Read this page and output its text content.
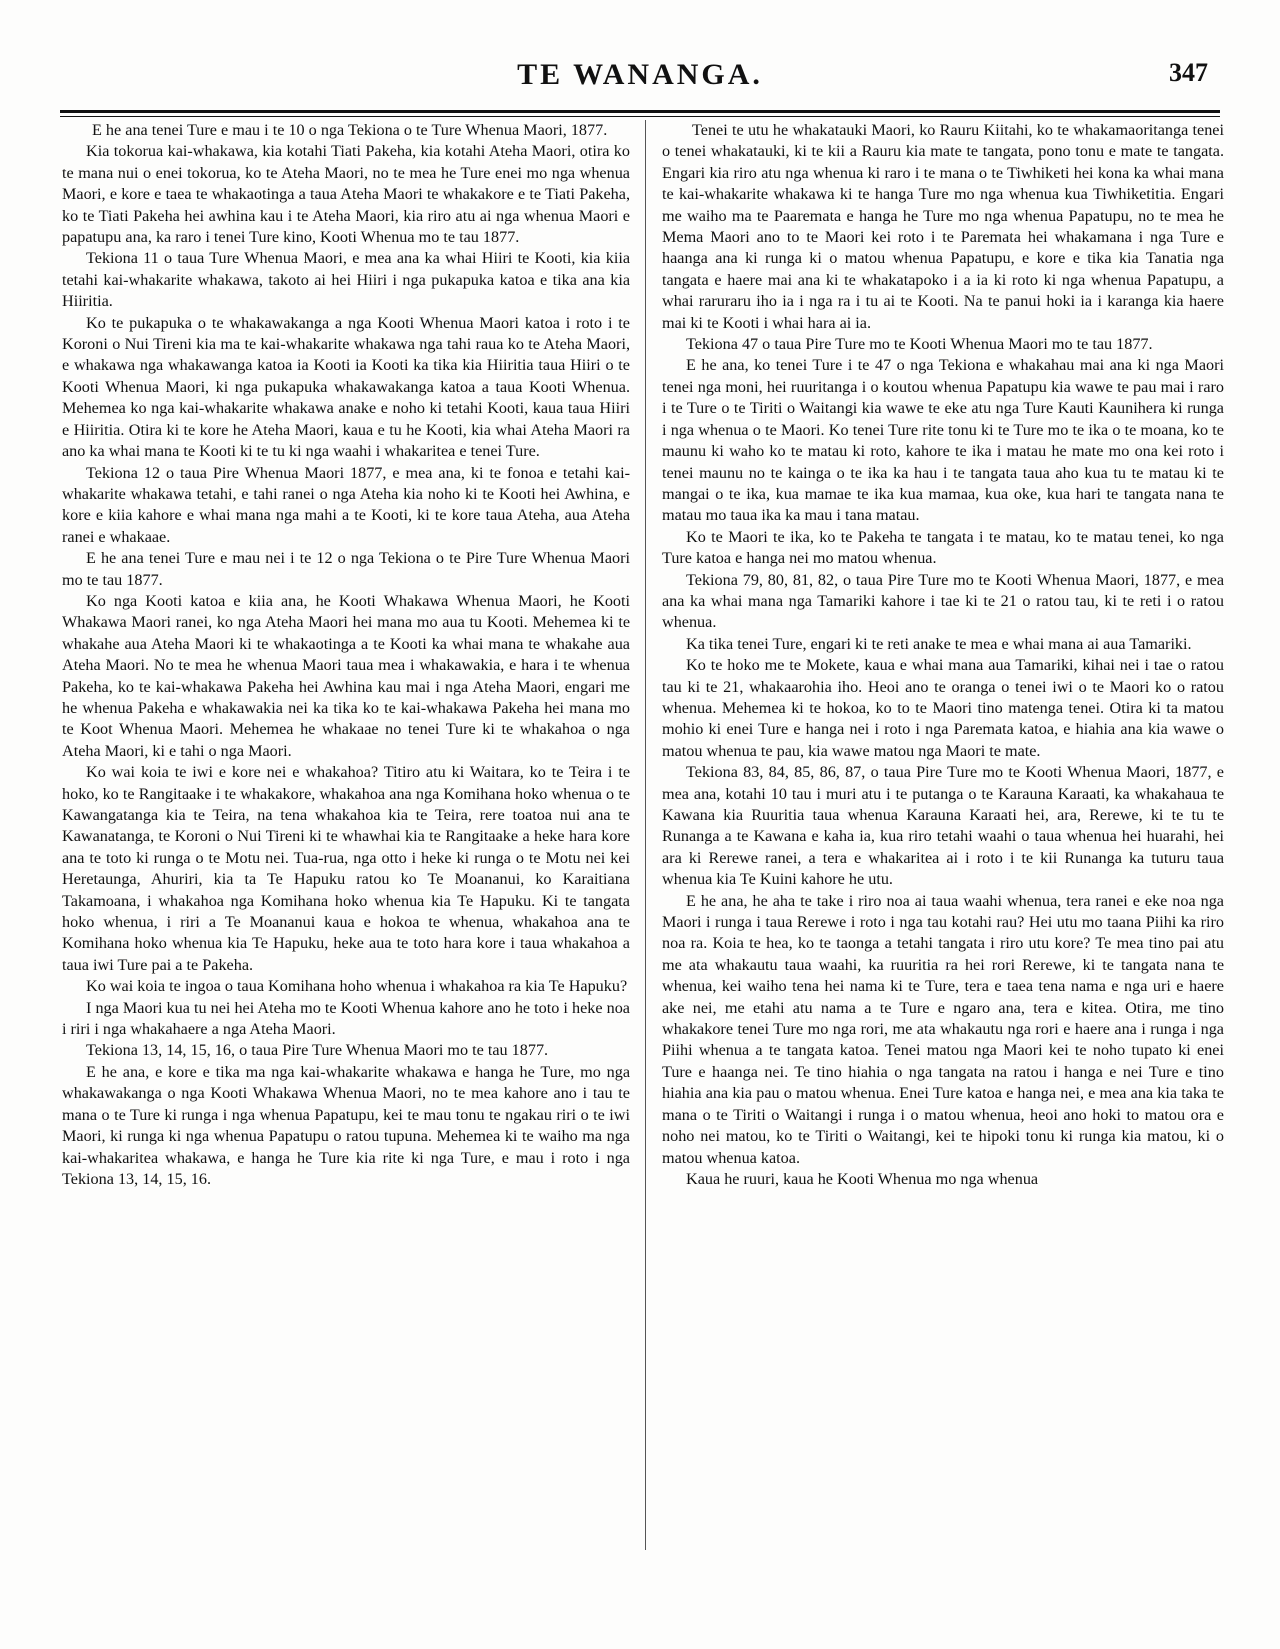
TE WANANGA.	347

E he ana tenei Ture e mau i te 10 o nga Tekiona o te Ture Whenua Maori, 1877.

Kia tokorua kai-whakawa, kia kotahi Tiati Pakeha, kia kotahi Ateha Maori, otira ko te mana nui o enei tokorua, ko te Ateha Maori, no te mea he Ture enei mo nga whenua Maori, e kore e taea te whakaotinga a taua Ateha Maori te whakakore e te Tiati Pakeha, ko te Tiati Pakeha hei awhina kau i te Ateha Maori, kia riro atu ai nga whenua Maori e papatupu ana, ka raro i tenei Ture kino, Kooti Whenua mo te tau 1877.

Tekiona 11 o taua Ture Whenua Maori, e mea ana ka whai Hiiri te Kooti, kia kiia tetahi kai-whakarite whakawa, takoto ai hei Hiiri i nga pukapuka katoa e tika ana kia Hiiritia.

Ko te pukapuka o te whakawakanga a nga Kooti Whenua Maori katoa i roto i te Koroni o Nui Tireni kia ma te kai-whakarite whakawa nga tahi raua ko te Ateha Maori, e whakawa nga whakawanga katoa ia Kooti ia Kooti ka tika kia Hiiritia taua Hiiri o te Kooti Whenua Maori, ki nga pukapuka whakawakanga katoa a taua Kooti Whenua. Mehemea ko nga kai-whakarite whakawa anake e noho ki tetahi Kooti, kaua taua Hiiri e Hiiritia. Otira ki te kore he Ateha Maori, kaua e tu he Kooti, kia whai Ateha Maori ra ano ka whai mana te Kooti ki te tu ki nga waahi i whakaritea e tenei Ture.

Tekiona 12 o taua Pire Whenua Maori 1877, e mea ana, ki te fonoa e tetahi kai-whakarite whakawa tetahi, e tahi ranei o nga Ateha kia noho ki te Kooti hei Awhina, e kore e kiia kahore e whai mana nga mahi a te Kooti, ki te kore taua Ateha, aua Ateha ranei e whakaae.

E he ana tenei Ture e mau nei i te 12 o nga Tekiona o te Pire Ture Whenua Maori mo te tau 1877.

Ko nga Kooti katoa e kiia ana, he Kooti Whakawa Whenua Maori, he Kooti Whakawa Maori ranei, ko nga Ateha Maori hei mana mo aua tu Kooti. Mehemea ki te whakahe aua Ateha Maori ki te whakaotinga a te Kooti ka whai mana te whakahe aua Ateha Maori. No te mea he whenua Maori taua mea i whakawakia, e hara i te whenua Pakeha, ko te kai-whakawa Pakeha hei Awhina kau mai i nga Ateha Maori, engari me he whenua Pakeha e whakawakia nei ka tika ko te kai-whakawa Pakeha hei mana mo te Koot Whenua Maori. Mehemea he whakaae no tenei Ture ki te whakahoa o nga Ateha Maori, ki e tahi o nga Maori.

Ko wai koia te iwi e kore nei e whakahoa? Titiro atu ki Waitara, ko te Teira i te hoko, ko te Rangitaake i te whakakore, whakahoa ana nga Komihana hoko whenua o te Kawangatanga kia te Teira, na tena whakahoa kia te Teira, rere toatoa nui ana te Kawanatanga, te Koroni o Nui Tireni ki te whawhai kia te Rangitaake a heke hara kore ana te toto ki runga o te Motu nei. Tua-rua, nga otto i heke ki runga o te Motu nei kei Heretaunga, Ahuriri, kia ta Te Hapuku ratou ko Te Moananui, ko Karaitiana Takamoana, i whakahoa nga Komihana hoko whenua kia Te Hapuku. Ki te tangata hoko whenua, i riri a Te Moananui kaua e hokoa te whenua, whakahoa ana te Komihana hoko whenua kia Te Hapuku, heke aua te toto hara kore i taua whakahoa a taua iwi Ture pai a te Pakeha.

Ko wai koia te ingoa o taua Komihana hoho whenua i whakahoa ra kia Te Hapuku?

I nga Maori kua tu nei hei Ateha mo te Kooti Whenua kahore ano he toto i heke noa i riri i nga whakahaere a nga Ateha Maori.

Tekiona 13, 14, 15, 16, o taua Pire Ture Whenua Maori mo te tau 1877.

E he ana, e kore e tika ma nga kai-whakarite whakawa e hanga he Ture, mo nga whakawakanga o nga Kooti Whakawa Whenua Maori, no te mea kahore ano i tau te mana o te Ture ki runga i nga whenua Papatupu, kei te mau tonu te ngakau riri o te iwi Maori, ki runga ki nga whenua Papatupu o ratou tupuna. Mehemea ki te waiho ma nga kai-whakaritea whakawa, e hanga he Ture kia rite ki nga Ture, e mau i roto i nga Tekiona 13, 14, 15, 16.

Tenei te utu he whakatauki Maori, ko Rauru Kiitahi, ko te whakamaoritanga tenei o tenei whakatauki, ki te kii a Rauru kia mate te tangata, pono tonu e mate te tangata. Engari kia riro atu nga whenua ki raro i te mana o te Tiwhiketi hei kona ka whai mana te kai-whakarite whakawa ki te hanga Ture mo nga whenua kua Tiwhiketitia. Engari me waiho ma te Paaremata e hanga he Ture mo nga whenua Papatupu, no te mea he Mema Maori ano to te Maori kei roto i te Paremata hei whakamana i nga Ture e haanga ana ki runga ki o matou whenua Papatupu, e kore e tika kia Tanatia nga tangata e haere mai ana ki te whakatapoko i a ia ki roto ki nga whenua Papatupu, a whai raruraru iho ia i nga ra i tu ai te Kooti. Na te panui hoki ia i karanga kia haere mai ki te Kooti i whai hara ai ia.

Tekiona 47 o taua Pire Ture mo te Kooti Whenua Maori mo te tau 1877.

E he ana, ko tenei Ture i te 47 o nga Tekiona e whakahau mai ana ki nga Maori tenei nga moni, hei ruuritanga i o koutou whenua Papatupu kia wawe te pau mai i raro i te Ture o te Tiriti o Waitangi kia wawe te eke atu nga Ture Kauti Kaunihera ki runga i nga whenua o te Maori. Ko tenei Ture rite tonu ki te Ture mo te ika o te moana, ko te maunu ki waho ko te matau ki roto, kahore te ika i matau he mate mo ona kei roto i tenei maunu no te kainga o te ika ka hau i te tangata taua aho kua tu te matau ki te mangai o te ika, kua mamae te ika kua mamaa, kua oke, kua hari te tangata nana te matau mo taua ika ka mau i tana matau.

Ko te Maori te ika, ko te Pakeha te tangata i te matau, ko te matau tenei, ko nga Ture katoa e hanga nei mo matou whenua.

Tekiona 79, 80, 81, 82, o taua Pire Ture mo te Kooti Whenua Maori, 1877, e mea ana ka whai mana nga Tamariki kahore i tae ki te 21 o ratou tau, ki te reti i o ratou whenua.

Ka tika tenei Ture, engari ki te reti anake te mea e whai mana ai aua Tamariki.

Ko te hoko me te Mokete, kaua e whai mana aua Tamariki, kihai nei i tae o ratou tau ki te 21, whakaarohia iho. Heoi ano te oranga o tenei iwi o te Maori ko o ratou whenua. Mehemea ki te hokoa, ko to te Maori tino matenga tenei. Otira ki ta matou mohio ki enei Ture e hanga nei i roto i nga Paremata katoa, e hiahia ana kia wawe o matou whenua te pau, kia wawe matou nga Maori te mate.

Tekiona 83, 84, 85, 86, 87, o taua Pire Ture mo te Kooti Whenua Maori, 1877, e mea ana, kotahi 10 tau i muri atu i te putanga o te Karauna Karaati, ka whakahaua te Kawana kia Ruuritia taua whenua Karauna Karaati hei, ara, Rerewe, ki te tu te Runanga a te Kawana e kaha ia, kua riro tetahi waahi o taua whenua hei huarahi, hei ara ki Rerewe ranei, a tera e whakaritea ai i roto i te kii Runanga ka tuturu taua whenua kia Te Kuini kahore he utu.

E he ana, he aha te take i riro noa ai taua waahi whenua, tera ranei e eke noa nga Maori i runga i taua Rerewe i roto i nga tau kotahi rau? Hei utu mo taana Piihi ka riro noa ra. Koia te hea, ko te taonga a tetahi tangata i riro utu kore? Te mea tino pai atu me ata whakautu taua waahi, ka ruuritia ra hei rori Rerewe, ki te tangata nana te whenua, kei waiho tena hei nama ki te Ture, tera e taea tena nama e nga uri e haere ake nei, me etahi atu nama a te Ture e ngaro ana, tera e kitea. Otira, me tino whakakore tenei Ture mo nga rori, me ata whakautu nga rori e haere ana i runga i nga Piihi whenua a te tangata katoa. Tenei matou nga Maori kei te noho tupato ki enei Ture e haanga nei. Te tino hiahia o nga tangata na ratou i hanga e nei Ture e tino hiahia ana kia pau o matou whenua. Enei Ture katoa e hanga nei, e mea ana kia taka te mana o te Tiriti o Waitangi i runga i o matou whenua, heoi ano hoki to matou ora e noho nei matou, ko te Tiriti o Waitangi, kei te hipoki tonu ki runga kia matou, ki o matou whenua katoa.

Kaua he ruuri, kaua he Kooti Whenua mo nga whenua
